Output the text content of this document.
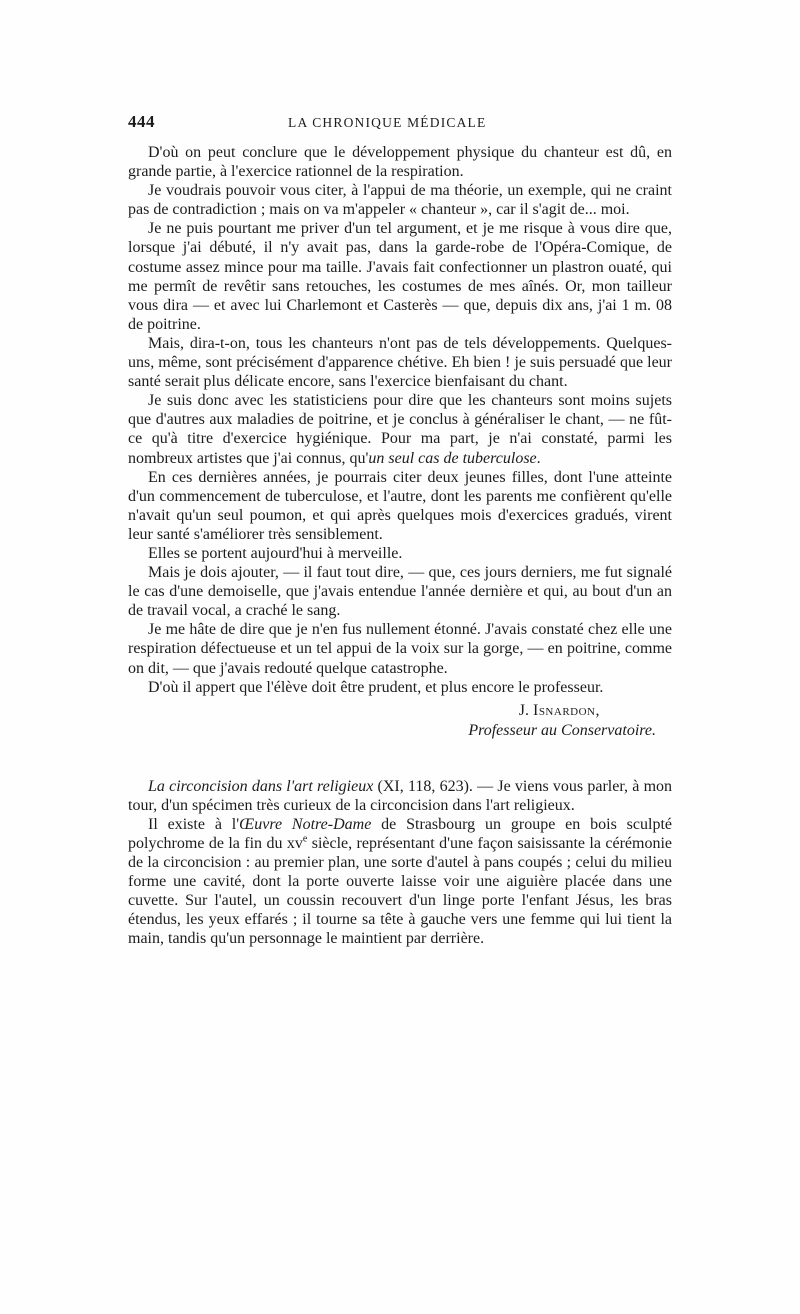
444	LA CHRONIQUE MÉDICALE

D'où on peut conclure que le développement physique du chanteur est dû, en grande partie, à l'exercice rationnel de la respiration.

Je voudrais pouvoir vous citer, à l'appui de ma théorie, un exemple, qui ne craint pas de contradiction ; mais on va m'appeler « chanteur », car il s'agit de... moi.

Je ne puis pourtant me priver d'un tel argument, et je me risque à vous dire que, lorsque j'ai débuté, il n'y avait pas, dans la garde-robe de l'Opéra-Comique, de costume assez mince pour ma taille. J'avais fait confectionner un plastron ouaté, qui me permît de revêtir sans retouches, les costumes de mes aînés. Or, mon tailleur vous dira — et avec lui Charlemont et Casterès — que, depuis dix ans, j'ai 1 m. 08 de poitrine.

Mais, dira-t-on, tous les chanteurs n'ont pas de tels développements. Quelques-uns, même, sont précisément d'apparence chétive. Eh bien ! je suis persuadé que leur santé serait plus délicate encore, sans l'exercice bienfaisant du chant.

Je suis donc avec les statisticiens pour dire que les chanteurs sont moins sujets que d'autres aux maladies de poitrine, et je conclus à généraliser le chant, — ne fût-ce qu'à titre d'exercice hygiénique. Pour ma part, je n'ai constaté, parmi les nombreux artistes que j'ai connus, qu'un seul cas de tuberculose.

En ces dernières années, je pourrais citer deux jeunes filles, dont l'une atteinte d'un commencement de tuberculose, et l'autre, dont les parents me confièrent qu'elle n'avait qu'un seul poumon, et qui après quelques mois d'exercices gradués, virent leur santé s'améliorer très sensiblement.

Elles se portent aujourd'hui à merveille.

Mais je dois ajouter, — il faut tout dire, — que, ces jours derniers, me fut signalé le cas d'une demoiselle, que j'avais entendue l'année dernière et qui, au bout d'un an de travail vocal, a craché le sang.

Je me hâte de dire que je n'en fus nullement étonné. J'avais constaté chez elle une respiration défectueuse et un tel appui de la voix sur la gorge, — en poitrine, comme on dit, — que j'avais redouté quelque catastrophe.

D'où il appert que l'élève doit être prudent, et plus encore le professeur.

J. Isnardon,
Professeur au Conservatoire.

La circoncision dans l'art religieux (XI, 118, 623). — Je viens vous parler, à mon tour, d'un spécimen très curieux de la circoncision dans l'art religieux.

Il existe à l'Œuvre Notre-Dame de Strasbourg un groupe en bois sculpté polychrome de la fin du $xv^e$ siècle, représentant d'une façon saisissante la cérémonie de la circoncision : au premier plan, une sorte d'autel à pans coupés ; celui du milieu forme une cavité, dont la porte ouverte laisse voir une aiguière placée dans une cuvette. Sur l'autel, un coussin recouvert d'un linge porte l'enfant Jésus, les bras étendus, les yeux effarés ; il tourne sa tête à gauche vers une femme qui lui tient la main, tandis qu'un personnage le maintient par derrière.
